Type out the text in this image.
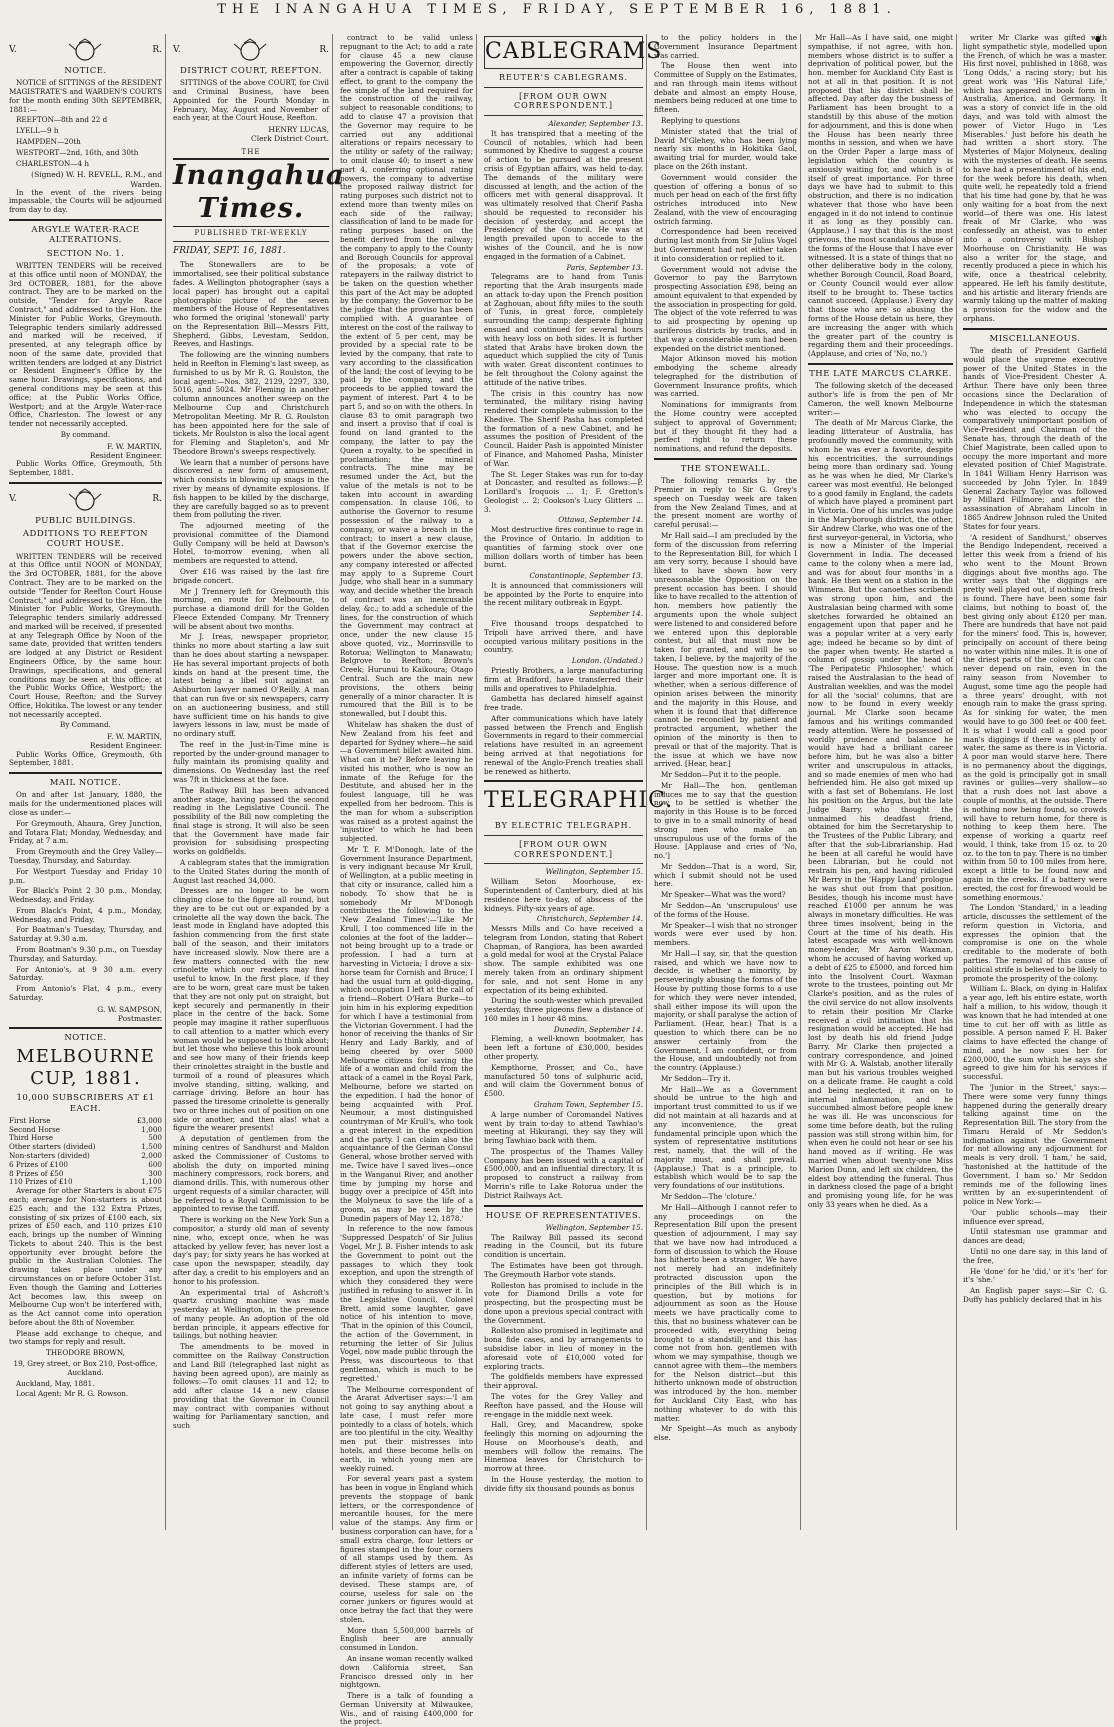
THE INANGAHUA TIMES, FRIDAY, SEPTEMBER 16, 1881.
V.	R.
NOTICE.

NOTICE of SITTINGS of the RESIDENT MAGISTRATE'S and WARDEN'S COURTS for the month ending 30th SEPTEMBER, 1881:—

REEFTON—8th and 22 d

LYELL—9 h

HAMPDEN—20th

WESTPORT—2nd, 16th, and 30th

CHARLESTON—4 h

(Signed) W. H. REVELL, R.M., and Warden.

In the event of the rivers being impassable, the Courts will be adjourned from day to day.

ARGYLE WATER-RACE ALTERATIONS.
SECTION No. 1.

WRITTEN TENDERS will be received at this office until noon of MONDAY, the 3rd OCTOBER, 1881, for the above contract. They are to be marked on the outside, "Tender for Argyle Race Contract," and addressed to the Hon. the Minister for Public Works, Greymouth. Telegraphic tenders similarly addressed and marked will be received, if presented, at any telegraph office by noon of the same date, provided that written tenders are lodged at any District or Resident Engineer's Office by the same hour. Drawings, specifications, and general conditions may be seen at this office; at the Public Works Office, Westport; and at the Argyle Water-race Office, Charleston. The lowest or any tender not necessarily accepted.

By command.

F. W. MARTIN,

Resident Engineer.

Public Works Office, Greymouth, 5th September, 1881.

V.	R.
PUBLIC BUILDINGS.
ADDITIONS TO REEFTON COURT HOUSE.

WRITTEN TENDERS will be received at this Office until NOON of MONDAY, the 3rd OCTOBER, 1881, for the above Contract. They are to be marked on the outside "Tender for Reefton Court House Contract," and addressed to the Hon. the Minister for Public Works, Greymouth. Telegraphic tenders similarly addressed and marked will be received, if presented at any Telegraph Office by Noon of the same date, provided that written tenders are lodged at any District or Resident Engineers Office, by the same hour. Drawings, specifications, and general conditions may be seen at this office; at the Public Works Office, Westport; the Court House, Reefton; and the Survey Office, Hokitika. The lowest or any tender not necessarily accepted.

By Command.

F. W. MARTIN,

Resident Engineer.

Public Works Office, Greymouth, 6th September, 1881.

MAIL NOTICE.

On and after 1st January, 1880, the mails for the undermentioned places will close as under:—

For Greymouth, Ahaura, Grey Junction, and Totara Flat; Monday, Wednesday, and Friday, at 7 a.m.

From Greymouth and the Grey Valley—Tuesday, Thursday, and Saturday.

For Westport Tuesday and Friday 10 p.m.

For Black's Point 2 30 p.m., Monday, Wednesday, and Friday.

From Black's Point, 4 p.m., Monday, Wednesday, and Friday.

For Boatman's Tuesday, Thursday, and Saturday at 9.30 a.m.

From Boatman's 9.30 p.m., on Tuesday Thursday, and Saturday.

For Antonio's, at 9 30 a.m. every Saturday.

From Antonio's Flat, 4 p.m., every Saturday.

G. W. SAMPSON,

Postmaster.

NOTICE.
MELBOURNE CUP, 1881.
10,000 SUBSCRIBERS AT £1 EACH.
First Horse	£3,000
Second Horse	1,000
Third Horse	500
Other starters (divided)	1,500
Non-starters (divided)	2,000
6 Prizes of £100	600
8 Prizes of £50	300
110 Prizes of £10	1,100

Average for other Starters is about £75 each; average for Non-starters is about £25 each; and the 132 Extra Prizes, consisting of six prizes of £100 each, six prizes of £50 each, and 110 prizes £10 each, brings up the number of Winning Tickets to about 240. This is the best opportunity ever brought before the public in the Australian Colonies. The drawing takes place under any circumstances on or before October 31st. Even though the Gaming and Lotteries Act becomes law, this sweep on Melbourne Cup won't be interfered with, as the Act cannot come into operation before about the 8th of November.

Please add exchange to cheque, and two stamps for reply and result.

THEODORE BROWN,

19, Grey street, or Box 210, Post-office, Auckland.

Auckland, May, 1881.

Local Agent: Mr R. G. Rowson.

V.	R.
DISTRICT COURT, REEFTON.

SITTINGS of the above COURT, for Civil and Criminal Business, have been Appointed for the Fourth Monday in February, May, August and November of each year, at the Court House, Reefton.

HENRY LUCAS,

Clerk District Court.

THE
Inangahua Times.
PUBLISHED TRI-WEEKLY
FRIDAY, SEPT. 16, 1881.

The Stonewallers are to be immortalised, see their political substance fades. A Wellington photographer (says a local paper) has brought out a capital photographic picture of the seven members of the House of Representatives who formed the original 'stonewall' party on the Representation Bill—Messrs Fitt, Shepherd, Gibbs, Levestam, Seddon, Reeves, and Hastings.

The following are the winning numbers held in Reefton in Fleming's last sweep, as furnished to us by Mr R. G. Roulston, the local agent:—Nos. 382, 2129, 2297, 330, 5016, and 5024. Mr Fleming in another column announces another sweep on the Melbourne Cup and Christchurch Metropolitan Meeting. Mr R. G. Roulston has been appointed here for the sale of tickets. Mr Roulston is also the local agent for Fleming and Stapleton's, and Mr Theodore Brown's sweeps respectively.

We learn that a number of persons have discovered a new form of amusement, which consists in blowing up snags in the river by means of dynamite explosions. If fish happen to be killed by the discharge, they are carefully bagged so as to prevent them from polluting the river.

The adjourned meeting of the provisional committee of the Diamond Gully Company will be held at Dawson's Hotel, to-morrow evening, when all members are requested to attend.

Over £16 was raised by the last fire brigade concert.

Mr J Trennery left for Greymouth this morning, en route for Melbourne, to purchase a diamond drill for the Golden Fleece Extended Company. Mr Trennery will be absent about two months.

Mr J. Ireas, newspaper proprietor, thinks no more about starting a law suit than he does about starting a newspaper. He has several important projects of both kinds on hand at the present time, the latest being a libel suit against an Ashburton lawyer named O'Reilly. A man that can run five or six newspapers, carry on an auctioneering business, and still have sufficient time on his hands to give lawyers lessons in law, must be made of no ordinary stuff.

The reef in the Just-in-Time mine is reported by the under-ground manager to fully maintain its promising quality and dimensions. On Wednesday last the reef was 7ft in thickness at the face.

The Railway Bill has been advanced another stage, having passed the second reading in the Legislative Council. The possibility of the Bill now completing the final stage is strong. It will also be seen that the Government have made fair provision for subsidising prospecting works on goldfields.

A cablegram states that the immigration to the United States during the month of August last reached 34,000.

Dresses are no longer to be worn clinging close to the figure all round, but they are to be cut out or expanded by a crinolette all the way down the back. The least mode in England have adopted this fashion commencing from the first state ball of the season, and their imitators have increased slowly. Now there are a few matters connected with the new crinolette which our readers may find useful to know. In the first place, if they are to be worn, great care must be taken that they are not only put on straight, but kept securely and permanently in their place in the centre of the back. Some people may imagine it rather superfluous to call attention to a matter which every woman would be supposed to think about; but let those who believe this look around and see how many of their friends keep their crinolettes straight in the bustle and turmoil of a round of pleasures which involve standing, sitting, walking, and carriage driving. Before an hour has passed the tiresome crinolette is generally two or three inches out of position on one side or another, and then alas! what a figure the wearer presents!

A deputation of gentlemen from the mining centres of Sandhurst and Maldon asked the Commissioner of Customs to abolish the duty on imported mining machinery compressors, rock borers, and diamond drills. This, with numerous other urgent requests of a similar character, will be referred to a Royal Commission to be appointed to revise the tariff.

There is working on the New York Sun a compositor, a sturdy old man of seventy nine, who, except once, when he was attacked by yellow fever, has never lost a day's pay; for sixty years he has worked at case upon the newspaper, steadily, day after day, a credit to his employers and an honor to his profession.

An experimental trial of Ashcroft's quartz crushing machine was made yesterday at Wellington, in the presence of many people. An adoption of the old berdan principle, it appears effective for tailings, but nothing heavier.

The amendments to be moved in committee on the Railway Construction and Land Bill (telegraphed last night as having been agreed upon), are mainly as follows:—To omit clauses 11 and 12; to add after clause 14 a new clause providing that the Governor in Council may contract with companies without waiting for Parliamentary sanction, and such

contract to be valid unless repugnant to the Act; to add a rate for clause 45 a new clause empowering the Governor, directly after a contract is capable of taking effect, to grant to the company the fee simple of the land required for the construction of the railway, subject to reasonable conditions; to add to clause 47 a provision that the Governor may require to be carried out any additional alterations or repairs necessary to the utility or safety of the railway; to omit clause 40; to insert a new part 4, conferring optional rating powers, the company to advertise the proposed railway district for rating purposes such district not to extend more than twenty miles on each side of the railway; classification of land to be made for rating purposes based on the benefit derived from the railway; the company to apply to the County and Borough Councils for approval of the proposals; a vote of ratepayers in the railway district to be taken on the question whether this part of the Act may be adopted by the company; the Governor to be the judge that the proviso has been complied with. A guarantee of interest on the cost of the railway to the extent of 5 per cent, may be provided by a special rate to be levied by the company, that rate to vary according to the classification of the land; the cost of levying to be paid by the company, and the proceeds to be applied toward the payment of interest. Part 4 to be part 5, and so on with the others. In clause 83 to omit paragraph two and insert a proviso that if coal is found on land granted to the company, the latter to pay the Queen a royalty, to be specified in proclamation; the mineral contracts. The mine may be resumed under the Act, but the value of the metals is not to be taken into account in awarding compensation. In clause 106, to authorise the Governor to resume possession of the railway to a company, or waive a breach in the contract; to insert a new clause, that if the Governor exercise the powers under the above section, any company interested or affected may apply to a Supreme Court Judge, who shall hear in a summary way, and decide whether the breach of contract was an inexcusable delay, &c.; to add a schedule of the lines, for the construction of which the Government may contract at once, under the new clause 15 above quoted, viz., Morrinsville to Rotorua; Wellington to Manawatu; Belgrove to Reefton; Brown's Creek; Hurunui to Kaikoura; Otago Central. Such are the main new provisions, the others being generally of a minor character. It is rumoured that the Bill is to be stonewalled, but I doubt this.

Whitelaw has shaken the dust of New Zealand from his feet and departed for Sydney where—he said—a Government billet awaited him. What can it be? Before leaving he visited his mother, who is now an inmate of the Refuge for the Destitute, and abused her in the foulest language, till he was expelled from her bedroom. This is the man for whom a subscription was raised as a protest against the 'injustice' to which he had been subjected.

Mr T. F. M'Donogh, late of the Government Insurance Department, is very indignant because Mr Krull, of Wellington, at a public meeting in that city or insurance, called him a nobody. To show that he is somebody Mr M'Donogh contributes the following to the 'New Zealand Times':—'Like Mr Krull, I too commenced life in the colonies at the foot of the ladder—not being brought up to a trade or profession. I had a turn at harvesting in Victoria; I drove a six-horse team for Cornish and Bruce; I had the usual turn at gold-digging, which occupation I left at the call of a friend—Robert O'Hara Burke—to join him in his exploring expedition for which I have a testimonial from the Victorian Government. I had the honor of receiving the thanks of Sir Henry and Lady Barkly, and of being cheered by over 5000 Melbourne citizens for saving the life of a woman and child from the attack of a camel in the Royal Park, Melbourne, before we started on the expedition. I had the honor of being acquainted with Prof. Neumour, a most distinguished countryman of Mr Krull's, who took a great interest in the expedition and the party. I can claim also the acquaintance of the German Consul General, whose brother served with me. Twice have I saved lives—once in the Wanganui River, and another time by jumping my horse and buggy over a precipice of 45ft into the Molyneux to save the life of a groom, as may be seen by the Dunedin papers of May 12, 1878.'

In reference to the now famous 'Suppressed Despatch' of Sir Julius Vogel, Mr J. B. Fisher intends to ask the Government to point out the passages to which they took exception, and upon the strength of which they considered they were justified in refusing to answer it. In the Legislative Council, Colonel Brett, amid some laughter, gave notice of his intention to move, 'That in the opinion of this Council, the action of the Government, in returning the letter of Sir Julius Vogel, now made public through the Press, was discourteous to that gentleman, which is much to be regretted.'

The Melbourne correspondent of the Ararat Advertiser says:—'I am not going to say anything about a late case, I must refer more pointedly to a class of hotels, which are too plentiful in the city. Wealthy men put their mistresses into hotels, and these become hells on earth, in which young men are weekly ruined.

For several years past a system has been in vogue in England which prevents the stoppage of bank letters, or the correspondence of mercantile houses, for the mere value of the stamps. Any firm or business corporation can have, for a small extra charge, four letters or figures stamped in the four corners of all stamps used by them. As different styles of letters are used, an infinite variety of forms can be devised. These stamps are, of course, useless for sale on the corner junkers or figures would at once betray the fact that they were stolen.

More than 5,500,000 barrels of English beer are annually consumed in London.

An insane woman recently walked down California street, San Francisco dressed only in her nightgown.

There is a talk of founding a German University at Milwaukee, Wis., and of raising £400,000 for the project.

CABLEGRAMS
REUTER'S CABLEGRAMS.
[FROM OUR OWN CORRESPONDENT.]

Alexander, September 13.

It has transpired that a meeting of the Council of notables, which had been summoned by Khedive to suggest a course of action to be pursued at the present crisis of Egyptian affairs, was held to-day. The demands of the military were discussed at length, and the action of the officers met with general disapproval. It was ultimately resolved that Cherif Pasha should be requested to reconsider his decision of yesterday, and accept the Presidency of the Council. He was at length prevailed upon to accede to the wishes of the Council, and he is now engaged in the formation of a Cabinet.

Paris, September 13.

Telegrams are to hand from Tunis reporting that the Arab insurgents made an attack to-day upon the French position at Zaghouan, about fifty miles to the south of Tunis, in great force, completely surrounding the camp; desperate fighting ensued and continued for several hours with heavy loss on both sides. It is further stated that Arabs have broken down the aqueduct which supplied the city of Tunis with water. Great discontent continues to be felt throughout the Colony against the attitude of the native tribes.

The crisis in this country has now terminated, the military rising having rendered their complete submission to the Khedive. The Sherif Pasha has completed the formation of a new Cabinet, and he assumes the position of President of the Council. Haider Pash is appointed Minister of Finance, and Mahomed Pasha, Minister of War.

The St. Leger Stakes was run for to-day at Doncaster, and resulted as follows:—P. Lorillard's Iroquois ... 1; F. Gretton's Geologist ... 2; Cookson's Lucy Glitters ... 3.

Ottawa, September 14.

Most destructive fires continue to rage in the Province of Ontario. In addition to quantities of farming stock over one million dollars worth of timber has been burnt.

Constantinople, September 13.

It is announced that commissioners will be appointed by the Porte to enquire into the recent military outbreak in Egypt.

September 14.

Five thousand troops despatched to Tripoli have arrived there, and have occupied various military positions in the country.

London. (Undated.)

Priestly Brothers, a large manufacturing firm at Bradford, have transferred their mills and operatives to Philadelphia.

Gambetta has declared himself against free trade.

After communications which have lately passed between the French and English Governments in regard to their commercial relations have resulted in an agreement being arrived at that negotiations for renewal of the Anglo-French treaties shall be renewed as hitherto.

TELEGRAPHIC.
BY ELECTRIC TELEGRAPH.
[FROM OUR OWN CORRESPONDENT.]

Wellington, September 15.

William Seton Moorhouse, ex-Superintendent of Canterbury, died at his residence here to-day, of abscess of the kidneys. Fifty-six years of age.

Christchurch, September 14.

Messrs Mills and Co have received a telegram from London, stating that Robert Chapman, of Rangiora, has been awarded a gold medal for wool at the Crystal Palace show. The sample exhibited was one merely taken from an ordinary shipment for sale, and not sent Home in any expectation of its being exhibited.

During the south-wester which prevailed yesterday, three pigeons flew a distance of 160 miles in 1 hour 48 mins.

Dunedin, September 14.

Fleming, a well-known bootmaker, has been left a fortune of £30,000, besides other property.

Kempthorne, Prosser, and Co., have manufactured 50 tons of sulphuric acid, and will claim the Government bonus of £500.

Graham Town, September 15.

A large number of Coromandel Natives went by train to-day to attend Tawhiao's meeting at Hikurangi, they say they will bring Tawhiao back with them.

The prospectus of the Thames Valley Company has been issued with a capital of £500,000, and an influential directory. It is proposed to construct a railway from Morrin's rifle to Lake Rotorua under the District Railways Act.

HOUSE OF REPRESENTATIVES.

Wellington, September 15.

The Railway Bill passed its second reading in the Council, but its future condition is uncertain.

The Estimates have been got through. The Greymouth Harbor vote stands.

Rolleston has promised to include in the vote for Diamond Drills a vote for prospecting, but the prospecting must be done upon a previous special contract with the Government.

Rolleston also promised in legitimate and bona fide cases, and by arrangements to subsidise labor in lieu of money in the aforesaid vote of £10,000 voted for exploring tracts.

The goldfields members have expressed their approval.

The votes for the Grey Valley and Reefton have passed, and the House will re-engage in the middle next week.

Hall, Grey, and Macandrew, spoke feelingly this morning on adjourning the House on Moorhouse's death, and members will follow the remains. The Hinemoa leaves for Christchurch to-morrow at three.

In the House yesterday, the motion to divide fifty six thousand pounds as bonus

to the policy holders in the Government Insurance Department was carried.

The House then went into Committee of Supply on the Estimates, and ran through main items without debate and almost an empty House, members being reduced at one time to fifteen.

Replying to questions

Minister stated that the trial of David M'Glehey, who has been lying nearly six months in Hokitika Gaol, awaiting trial for murder, would take place on the 26th instant.

Government would consider the question of offering a bonus of so much per head on each of the first fifty ostriches introduced into New Zealand, with the view of encouraging ostrich farming.

Correspondence had been received during last month from Sir Julius Vogel but Government had not either taken it into consideration or replied to it.

Government would not advise the Governor to pay the Barrytown prospecting Association £98, being an amount equivalent to that expended by the association in prospecting for gold. The object of the vote referred to was to aid prospecting by opening up auriferous districts by tracks, and in that way a considerable sum had been expended on the district mentioned.

Major Atkinson moved his motion embodying the scheme already telegraphed for the distribution of Government Insurance profits, which was carried.

Nominations for immigrants from the Home country were accepted subject to approval of Government; but if they thought fit they had a perfect right to return these nominations, and refund the deposits.

THE STONEWALL.

The following remarks by the Premier in reply to Sir G. Grey's speech on Tuesday week are taken from the New Zealand Times, and at the present moment are worthy of careful perusal:—

Mr Hall said—I am precluded by the form of the discussion from referring to the Representation Bill, for which I am very sorry, because I should have liked to have shown how very unreasonable the Opposition on the present occasion has been. I should like to have recalled to the attention of hon. members how patiently the arguments upon the whole subject were listened to and considered before we entered upon this deplorable contest, but all that must now be taken for granted, and will be so taken, I believe, by the majority of the House. The question now is a much larger and more important one. It is whether, when a serious difference of opinion arises between the minority and the majority in this House, and when it is found that that difference cannot be reconciled by patient and protracted argument, whether the opinion of the minority is then to prevail or that of the majority. That is the issue at which we have now arrived. [Hear, hear.]

Mr Seddon—Put it to the people.

Mr Hall—The hon. gentleman induces me to say that the question now to be settled is whether the majority in this House is to be forced to give in to a small minority of head strong men who make an unscrupulous use of the forms of the House. [Applause and cries of 'No, no.']

Mr Seddon—That is a word, Sir, which I submit should not be used here.

Mr Speaker—What was the word?

Mr Seddon—An 'unscrupulous' use of the forms of the House.

Mr Speaker—I wish that no stronger words were ever used by hon. members.

Mr Hall—I say, sir, that the question raised, and which we have now to decide, is whether a minority, by perseveringly abusing the forms of the House by putting those forms to a use for which they were never intended, shall either impose its will upon the majority, or shall paralyse the action of Parliament. (Hear, hear.) That is a question to which there can be no answer certainly from the Government, I am confident, or from the House, and undoubtedly not from the country. (Applause.)

Mr Seddon—Try it.

Mr Hall—We as a Government should be untrue to the high and important trust committed to us if we did not maintain at all hazards and at any inconvenience, the great fundamental principle upon which the system of representative institutions rest, namely, that the will of the majority must, and shall prevail. (Applause.) That is a principle, to establish which would be to sap the very foundations of our institutions.

Mr Seddon—The 'cloture.'

Mr Hall—Although I cannot refer to any proceedings on the Representation Bill upon the present question of adjournment, I may say that we have now had introduced a form of discussion to which the House has hitherto been a stranger. We have not merely had an indefinitely protracted discussion upon the principles of the Bill which is in question, but by motions for adjournment as soon as the House meets we have practically come to this, that no business whatever can be proceeded with, everything being brought to a standstill; and this has come not from hon. gentlemen with whom we may sympathise, though we cannot agree with them—the members for the Nelson district—but this hitherto unknown mode of obstruction was introduced by the hon. member for Auckland City East, who has nothing whatever to do with this matter.

Mr Speight—As much as anybody else.

Mr Hall—As I have said, one might sympathise, if not agree, with hon. members whose district is to suffer a deprivation of political power, but the hon. member for Auckland City East is not at all in that position. It is not proposed that his district shall be affected. Day after day the business of Parliament has been brought to a standstill by this abuse of the motion for adjournment, and this is done when the House has been nearly three months in session, and when we have on the Order Paper a large mass of legislation which the country is anxiously waiting for, and which is of itself of great importance. For three days we have had to submit to this obstruction, and there is no indication whatever that those who have been engaged in it do not intend to continue it as long as they possibly can. (Applause.) I say that this is the most grievous, the most scandalous abuse of the forms of the House that I have ever witnessed. It is a state of things that no other deliberative body in the colony, whether Borough Council, Road Board, or County Council would ever allow itself to be brought to. These tactics cannot succeed. (Applause.) Every day that those who are so abusing the forms of the House detain us here, they are increasing the anger with which the greater part of the country is regarding them and their proceedings. (Applause, and cries of 'No, no.')

THE LATE MARCUS CLARKE.

The following sketch of the deceased author's life is from the pen of Mr Cameron, the well known Melbourne writer:—

The death of Mr Marcus Clarke, the leading litterateur of Australia, has profoundly moved the community, with whom he was ever a favorite, despite his eccentricities, the surroundings being more than ordinary sad. Young as he was when he died, Mr Clarke's career was most eventful. He belonged to a good family in England, the cadets of which have played a prominent part in Victoria. One of his uncles was judge in the Maryborough district, the other, Sir Andrew Clarke, who was one of the first surveyor-general, in Victoria, who is now a Minister of the Imperial Government in India. The deceased came to the colony when a mere lad, and was for about four months in a bank. He then went on a station in the Wimmera. But the canoethes scribendi was strong upon him, and the Australasian being charmed with some sketches forwarded he obtained an engagement upon that paper and he was a popular writer at a very early age; indeed he became so by dint of the paper when twenty. He started a column of gossip under the head of 'The Peripatetic Philosopher,' which raised the Australasian to the head of Australian weeklies, and was the model for all the 'social' columns, that are now to be found in every weekly journal. Mr Clarke soon became famous and his writings commanded ready attention. Were he possessed of worldly prudence and balance he would have had a brilliant career before him, but he was also a bitter writer and unscrupulous in attacks, and so made enemies of men who had befriended him. He also got mixed up with a fast set of Bohemians. He lost his position on the Argus, but the late Judge Barry, who thought the unmaimed his deadfast friend, obtained for him the Secretaryship to the Trustees of the Public Library, and after that the sub-Librarianship. Had he been at all careful he would have been Librarian, but he could not restrain his pen, and having ridiculed Mr Berry in the 'Happy Land' prologue he was shut out from that position. Besides, though his income must have reached £1000 per annum he was always in monetary difficulties. He was three times insolvent, being in the Court at the time of his death. His latest escapade was with well-known money-lender, Mr Aaron Waxman, whom he accused of having worked up a debt of £25 to £5000, and forced him into the Insolvent Court. Waxman wrote to the trustees, pointing out Mr Clarke's position, and as the rules of the civil service do not allow insolvents to retain their position Mr Clarke received a civil intimation that his resignation would be accepted. He had lost by death his old friend Judge Barry. Mr Clarke then projected a contrary correspondence, and joined with Mr G. A. Walstab, another literally man but his various troubles weighed on a delicate frame. He caught a cold and being neglected, it ran on to internal inflammation, and he succumbed almost before people knew he was ill. He was unconscious for some time before death, but the ruling passion was still strong within him, for when even he could not hear or see his hand moved as if writing. He was married when about twenty-one Miss Marion Dunn, and left six children, the eldest boy attending the funeral. Thus in darkness closed the page of a bright and promising young life, for he was only 33 years when he died. As a

writer Mr Clarke was gifted with light sympathetic style, modelled upon the French, of which he was a master. His first novel, published in 1868, was 'Long Odds,' a racing story; but his great work was 'His Natural Life,' which has appeared in book form in Australia, America, and Germany. It was a story of convict life in the old days, and was told with almost the power of Victor Hugo in 'Les Miserables.' Just before his death he had written a short story. The Mysteries of Major Molyneux, dealing with the mysteries of death. He seems to have had a presentiment of his end, for the week before his death, when quite well, he repeatedly told a friend that his time had gone by, that he was only waiting for a boat from the next world—of there was one. His latest freak of Mr Clarke, who was confessedly an atheist, was to enter into a controversy with Bishop Moorhouse on Christianity. He was also a writer for the stage, and recently produced a piece in which his wife, once a theatrical celebrity, appeared. He left his family destitute, and his artistic and literary friends are warmly taking up the matter of making a provision for the widow and the orphans.

MISCELLANEOUS.

The death of President Garfield would place the supreme executive power of the United States in the hands of Vice-President Chester A. Arthur. There have only been three occasions since the Declaration of Independence in which the statesman who was elected to occupy the comparatively unimportant position of Vice-President and Chairman of the Senate has, through the death of the Chief Magistrate, been called upon to occupy the more important and more elevated position of Chief Magistrate. In 1841 William Henry Harrison was succeeded by John Tyler. In 1849 General Zachary Taylor was followed by Millard Fillmore; and after the assassination of Abraham Lincoln in 1865 Andrew Johnson ruled the United States for four years.

'A resident of Sandhurst,' observes the Bendigo Independent, received a letter this week from a friend of his who went to the Mount Brown diggings about five months ago. The writer says that 'the diggings are pretty well played out, if nothing fresh is found. There have been some fair claims, but nothing to boast of, the best giving only about £120 per man. There are hundreds that have not paid for the miners' food. This is, however, principally on account of there being no water within nine miles. It is one of the driest parts of the colony. You can never depend on rain, even in the rainy season from November to August, some time ago the people had a three years' drought, with not enough rain to make the grass spring. As for sinking for water, the men would have to go 300 feet or 400 feet. It is what I would call a good poor man's diggings if there was plenty of water, the same as there is in Victoria. A poor man would starve here. There is no permanency about the diggings, as the gold is principally got in small ravines or gullies—very shallow—so that a rush does not last above a couple of months, at the outside. There is nothing now being found, so crowds will have to return home, for there is nothing to keep them here. The expense of working a quartz reef would, I think, take from 15 oz. to 20 oz. to the ton to pay. There is no timber within from 50 to 100 miles from here, except a little to be found now and again in the creeks. If a battery were erected, the cost for firewood would be something enormous.'

The London 'Standard,' in a leading article, discusses the settlement of the reform question in Victoria, and expresses the opinion that the compromise is one on the whole creditable to the moderate of both parties. The removal of this cause of political strife is believed to be likely to promote the prosperity of the colony.

William L. Black, on dying in Halifax a year ago, left his entire estate, worth half a million, to his widow, though it was known that he had intended at one time to cut her off with as little as possible. A person named F. H. Baker claims to have effected the change of mind, and he now sues her for £200,000, the sum which he says she agreed to give him for his services if successful.

The 'Junior in the Street,' says:—There were some very funny things happened during the generally dreary talking against time on the Representation Bill. The story from the Timaru Herald of Mr Seddon's indignation against the Government for not allowing any adjournment for meals is very droll. 'I ham,' he said, 'hastonished at the hattitude of the Government. I ham so.' Mr Seddon reminds me of the following lines written by an ex-superintendent of police in New York:—

'Our public schools—may their influence ever spread,

Until statesman use grammar and dances are dead;

Until no one dare say, in this land of the free,

He 'done' for he 'did,' or it's 'her' for it's 'she.'

An English paper says:—Sir C. G. Duffy has publicly declared that in his
